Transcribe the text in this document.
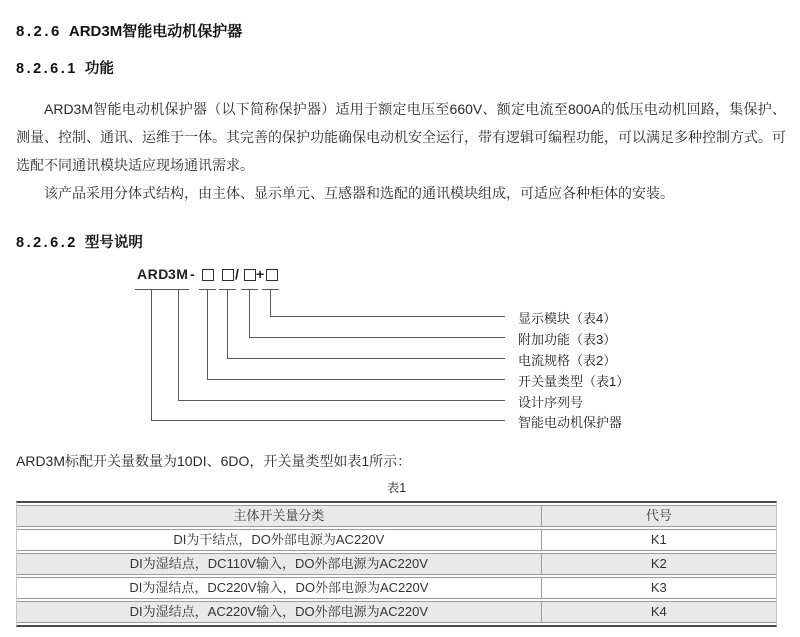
8.2.6 ARD3M智能电动机保护器
8.2.6.1 功能

ARD3M智能电动机保护器（以下简称保护器）适用于额定电压至660V、额定电流至800A的低压电动机回路，集保护、测量、控制、通讯、运维于一体。其完善的保护功能确保电动机安全运行，带有逻辑可编程功能，可以满足多种控制方式。可选配不同通讯模块适应现场通讯需求。

该产品采用分体式结构，由主体、显示单元、互感器和选配的通讯模块组成，可适应各种柜体的安装。

8.2.6.2 型号说明
ARD 3M -	/ +
显示模块（表4）
附加功能（表3）
电流规格（表2）
开关量类型（表1）
设计序列号
智能电动机保护器

ARD3M标配开关量数量为10DI、6DO，开关量类型如表1所示：

表1
主体开关量分类	代号
DI为干结点，DO外部电源为AC220V	K1
DI为湿结点，DC110V输入，DO外部电源为AC220V	K2
DI为湿结点，DC220V输入，DO外部电源为AC220V	K3
DI为湿结点，AC220V输入，DO外部电源为AC220V	K4
